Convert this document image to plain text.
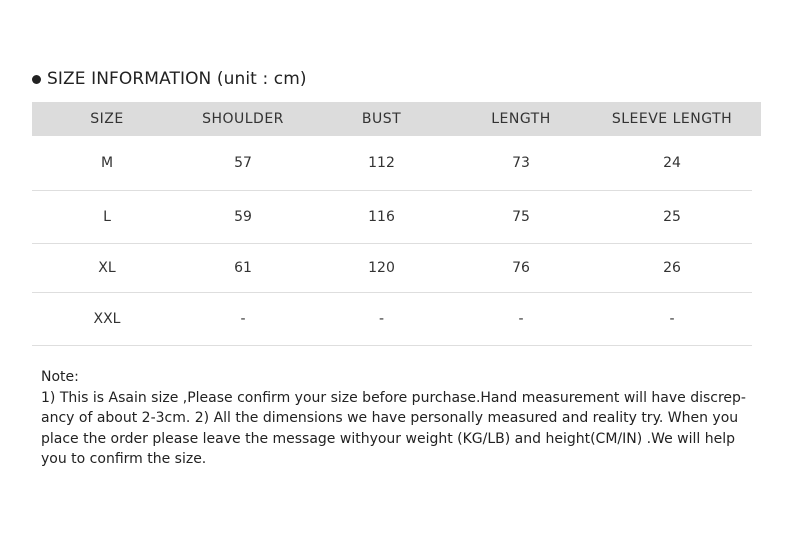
SIZE INFORMATION (unit : cm)
SIZE	SHOULDER	BUST	LENGTH	SLEEVE LENGTH
M	57	112	73	24
L	59	116	75	25
XL	61	120	76	26
XXL	-	-	-	-

Note:

1) This is Asain size ,Please confirm your size before purchase.Hand measurement will have discrep-ancy of about 2-3cm. 2) All the dimensions we have personally measured and reality try. When you place the order please leave the message withyour weight (KG/LB) and height(CM/IN) .We will help you to confirm the size.
